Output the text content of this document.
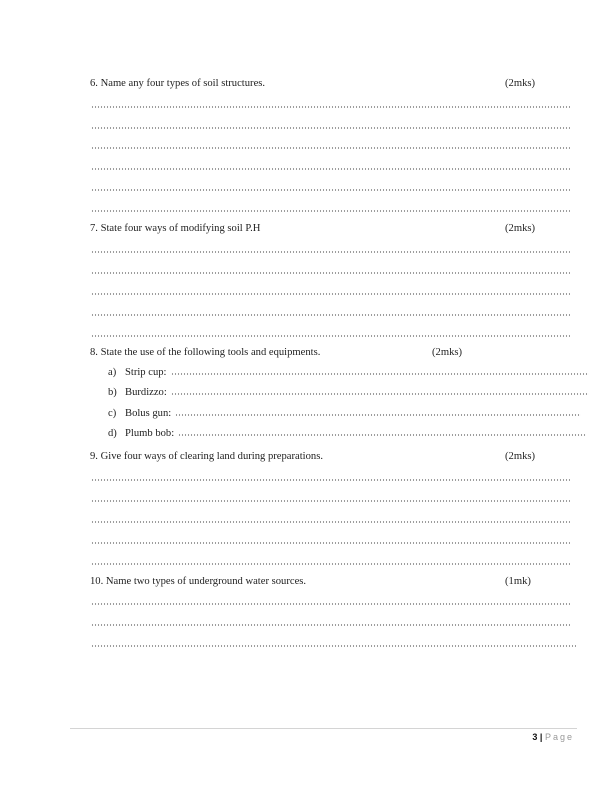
6. Name any four types of soil structures.	(2mks)
7. State four ways of modifying soil P.H	(2mks)
8. State the use of the following tools and equipments.	(2mks)
a) Strip cup:
b) Burdizzo:
c) Bolus gun:
d) Plumb bob:
9. Give four ways of clearing land during preparations.	(2mks)
10. Name two types of underground water sources.	(1mk)
3 | Page
